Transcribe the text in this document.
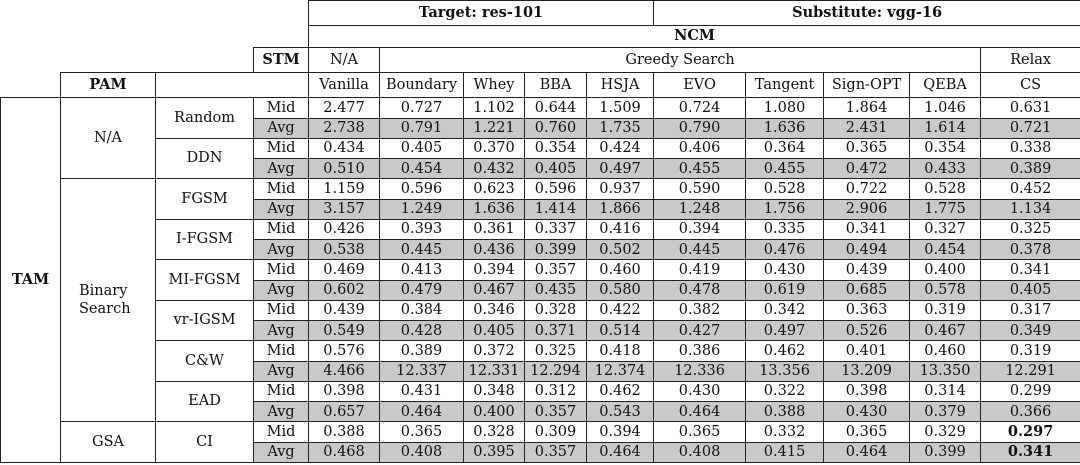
				Target: res-101					Substitute: vgg-16				
				NCM									
			STM	N/A	Greedy Search								Relax
	PAM			Vanilla	Boundary	Whey	BBA	HSJA	EVO	Tangent	Sign-OPT	QEBA	CS
TAM	N/A	Random	Mid	2.477	0.727	1.102	0.644	1.509	0.724	1.080	1.864	1.046	0.631
			Avg	2.738	0.791	1.221	0.760	1.735	0.790	1.636	2.431	1.614	0.721
		DDN	Mid	0.434	0.405	0.370	0.354	0.424	0.406	0.364	0.365	0.354	0.338
			Avg	0.510	0.454	0.432	0.405	0.497	0.455	0.455	0.472	0.433	0.389
	Binary Search	FGSM	Mid	1.159	0.596	0.623	0.596	0.937	0.590	0.528	0.722	0.528	0.452
			Avg	3.157	1.249	1.636	1.414	1.866	1.248	1.756	2.906	1.775	1.134
		I-FGSM	Mid	0.426	0.393	0.361	0.337	0.416	0.394	0.335	0.341	0.327	0.325
			Avg	0.538	0.445	0.436	0.399	0.502	0.445	0.476	0.494	0.454	0.378
		MI-FGSM	Mid	0.469	0.413	0.394	0.357	0.460	0.419	0.430	0.439	0.400	0.341
			Avg	0.602	0.479	0.467	0.435	0.580	0.478	0.619	0.685	0.578	0.405
		vr-IGSM	Mid	0.439	0.384	0.346	0.328	0.422	0.382	0.342	0.363	0.319	0.317
			Avg	0.549	0.428	0.405	0.371	0.514	0.427	0.497	0.526	0.467	0.349
		C&W	Mid	0.576	0.389	0.372	0.325	0.418	0.386	0.462	0.401	0.460	0.319
			Avg	4.466	12.337	12.331	12.294	12.374	12.336	13.356	13.209	13.350	12.291
		EAD	Mid	0.398	0.431	0.348	0.312	0.462	0.430	0.322	0.398	0.314	0.299
			Avg	0.657	0.464	0.400	0.357	0.543	0.464	0.388	0.430	0.379	0.366
	GSA	CI	Mid	0.388	0.365	0.328	0.309	0.394	0.365	0.332	0.365	0.329	0.297
			Avg	0.468	0.408	0.395	0.357	0.464	0.408	0.415	0.464	0.399	0.341
